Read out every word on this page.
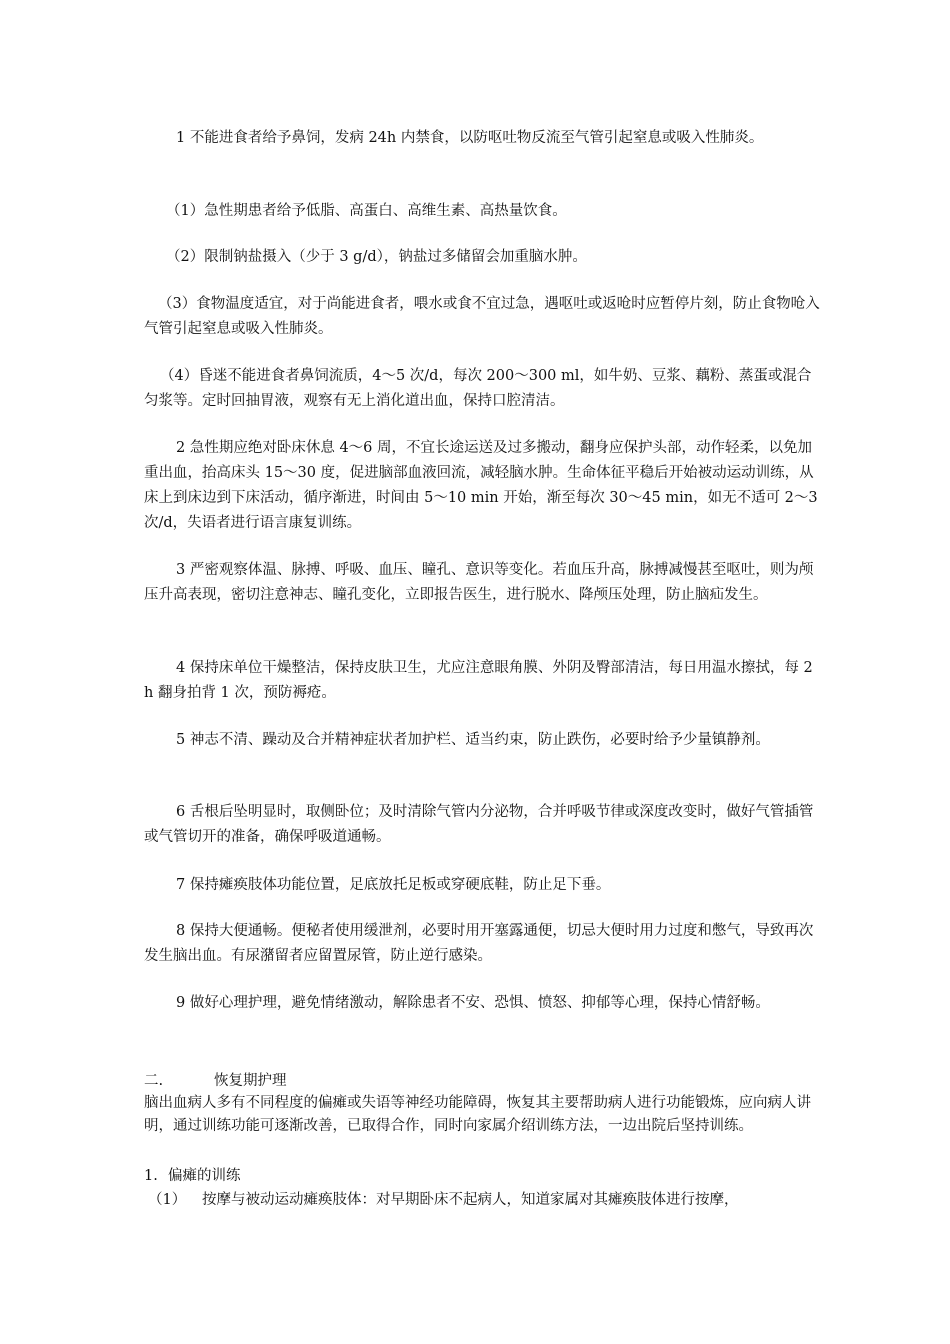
1 不能进食者给予鼻饲，发病 24h 内禁食，以防呕吐物反流至气管引起窒息或吸入性肺炎。

（1）急性期患者给予低脂、高蛋白、高维生素、高热量饮食。

（2）限制钠盐摄入（少于 3 g/d），钠盐过多储留会加重脑水肿。

（3）食物温度适宜，对于尚能进食者，喂水或食不宜过急，遇呕吐或返呛时应暂停片刻，防止食物呛入气管引起窒息或吸入性肺炎。

（4）昏迷不能进食者鼻饲流质，4～5 次/d，每次 200～300 ml，如牛奶、豆浆、藕粉、蒸蛋或混合匀浆等。定时回抽胃液，观察有无上消化道出血，保持口腔清洁。

2 急性期应绝对卧床休息 4～6 周，不宜长途运送及过多搬动，翻身应保护头部，动作轻柔，以免加重出血，抬高床头 15～30 度，促进脑部血液回流，减轻脑水肿。生命体征平稳后开始被动运动训练，从床上到床边到下床活动，循序渐进，时间由 5～10 min 开始，渐至每次 30～45 min，如无不适可 2～3 次/d，失语者进行语言康复训练。

3 严密观察体温、脉搏、呼吸、血压、瞳孔、意识等变化。若血压升高，脉搏减慢甚至呕吐，则为颅压升高表现，密切注意神志、瞳孔变化，立即报告医生，进行脱水、降颅压处理，防止脑疝发生。

4 保持床单位干燥整洁，保持皮肤卫生，尤应注意眼角膜、外阴及臀部清洁，每日用温水擦拭，每 2h 翻身拍背 1 次，预防褥疮。

5 神志不清、躁动及合并精神症状者加护栏、适当约束，防止跌伤，必要时给予少量镇静剂。

6 舌根后坠明显时，取侧卧位；及时清除气管内分泌物，合并呼吸节律或深度改变时，做好气管插管或气管切开的准备，确保呼吸道通畅。

7 保持瘫痪肢体功能位置，足底放托足板或穿硬底鞋，防止足下垂。

8 保持大便通畅。便秘者使用缓泄剂，必要时用开塞露通便，切忌大便时用力过度和憋气，导致再次发生脑出血。有尿潴留者应留置尿管，防止逆行感染。

9 做好心理护理，避免情绪激动，解除患者不安、恐惧、愤怒、抑郁等心理，保持心情舒畅。

二.	恢复期护理

脑出血病人多有不同程度的偏瘫或失语等神经功能障碍，恢复其主要帮助病人进行功能锻炼，应向病人讲明，通过训练功能可逐渐改善，已取得合作，同时向家属介绍训练方法，一边出院后坚持训练。

1. 偏瘫的训练
（1） 按摩与被动运动瘫痪肢体：对早期卧床不起病人，知道家属对其瘫痪肢体进行按摩，
